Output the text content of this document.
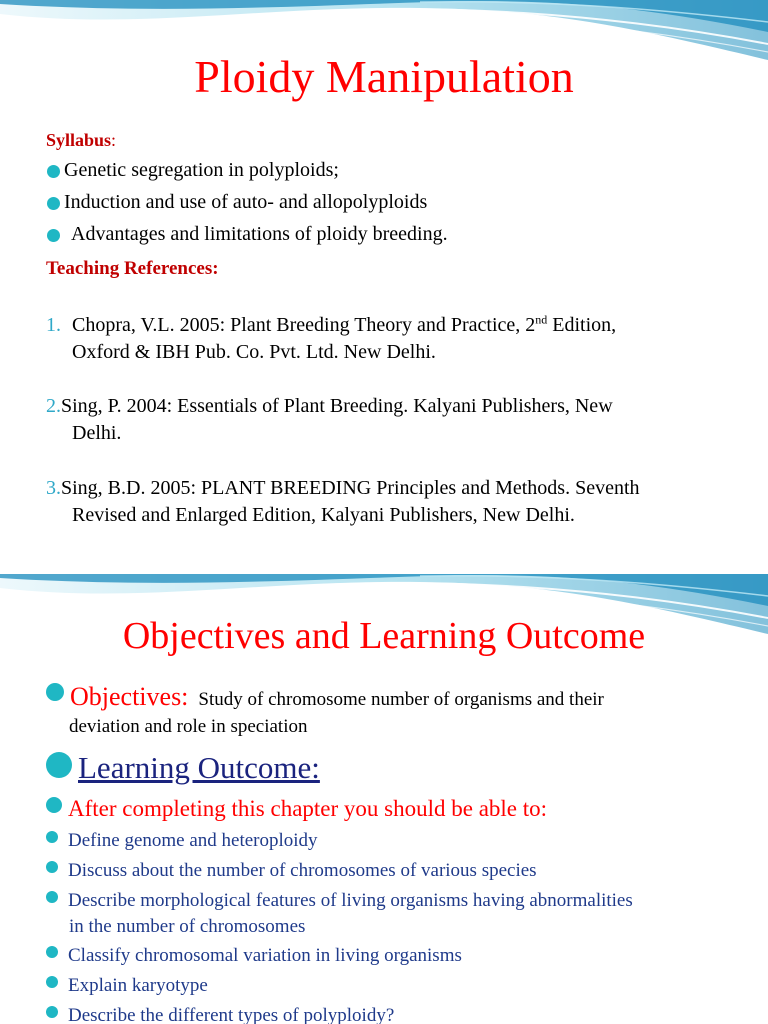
Ploidy Manipulation
Syllabus:
Genetic segregation in polyploids;
Induction and use of auto- and allopolyploids
Advantages and limitations of ploidy breeding.
Teaching References:
1. Chopra, V.L. 2005: Plant Breeding Theory and Practice, 2nd Edition,
Oxford & IBH Pub. Co. Pvt. Ltd. New Delhi.
2.Sing, P. 2004: Essentials of Plant Breeding. Kalyani Publishers, New
Delhi.
3.Sing, B.D. 2005: PLANT BREEDING Principles and Methods. Seventh
Revised and Enlarged Edition, Kalyani Publishers, New Delhi.
Objectives and Learning Outcome
Objectives: Study of chromosome number of organisms and their
deviation and role in speciation
Learning Outcome:
After completing this chapter you should be able to:
Define genome and heteroploidy
Discuss about the number of chromosomes of various species
Describe morphological features of living organisms having abnormalities
in the number of chromosomes
Classify chromosomal variation in living organisms
Explain karyotype
Describe the different types of polyploidy?
